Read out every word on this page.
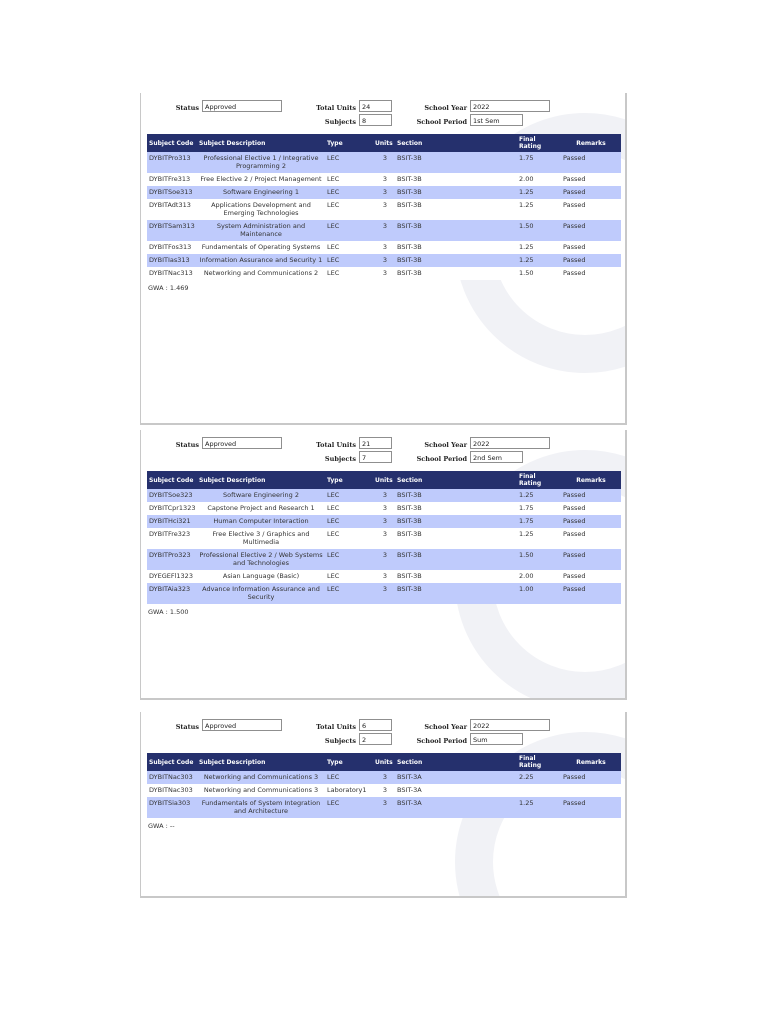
Status Approved	Total Units 24
Subjects 8
School Year 2022
School Period 1st Sem
Subject Code	Subject Description	Type	Units	Section	Final Rating	Remarks
DYBITPro313	Professional Elective 1 / Integrative Programming 2	LEC	3	BSIT-3B	1.75	Passed
DYBITFre313	Free Elective 2 / Project Management	LEC	3	BSIT-3B	2.00	Passed
DYBITSoe313	Software Engineering 1	LEC	3	BSIT-3B	1.25	Passed
DYBITAdt313	Applications Development and Emerging Technologies	LEC	3	BSIT-3B	1.25	Passed
DYBITSam313	System Administration and Maintenance	LEC	3	BSIT-3B	1.50	Passed
DYBITFos313	Fundamentals of Operating Systems	LEC	3	BSIT-3B	1.25	Passed
DYBITIas313	Information Assurance and Security 1	LEC	3	BSIT-3B	1.25	Passed
DYBITNac313	Networking and Communications 2	LEC	3	BSIT-3B	1.50	Passed
GWA : 1.469
Status Approved	Total Units 21
Subjects 7
School Year 2022
School Period 2nd Sem
Subject Code	Subject Description	Type	Units	Section	Final Rating	Remarks
DYBITSoe323	Software Engineering 2	LEC	3	BSIT-3B	1.25	Passed
DYBITCpr1323	Capstone Project and Research 1	LEC	3	BSIT-3B	1.75	Passed
DYBITHci321	Human Computer Interaction	LEC	3	BSIT-3B	1.75	Passed
DYBITFre323	Free Elective 3 / Graphics and Multimedia	LEC	3	BSIT-3B	1.25	Passed
DYBITPro323	Professional Elective 2 / Web Systems and Technologies	LEC	3	BSIT-3B	1.50	Passed
DYEGEFl1323	Asian Language (Basic)	LEC	3	BSIT-3B	2.00	Passed
DYBITAia323	Advance Information Assurance and Security	LEC	3	BSIT-3B	1.00	Passed
GWA : 1.500
Status Approved	Total Units 6
Subjects 2
School Year 2022
School Period Sum
Subject Code	Subject Description	Type	Units	Section	Final Rating	Remarks
DYBITNac303	Networking and Communications 3	LEC	3	BSIT-3A	2.25	Passed
DYBITNac303	Networking and Communications 3	Laboratory1	3	BSIT-3A		
DYBITSia303	Fundamentals of System Integration and Architecture	LEC	3	BSIT-3A	1.25	Passed
GWA : --
